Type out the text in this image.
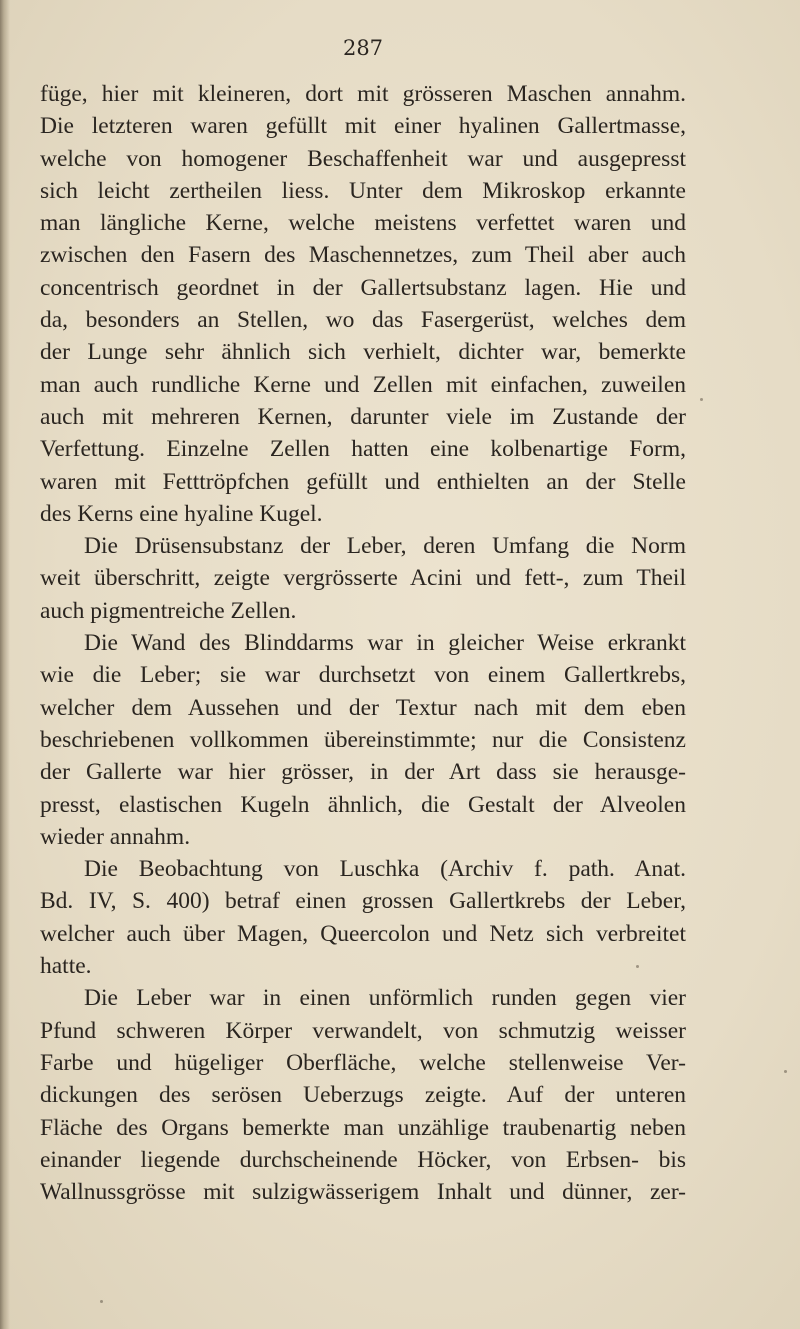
287
füge, hier mit kleineren, dort mit grösseren Maschen annahm.
Die letzteren waren gefüllt mit einer hyalinen Gallertmasse,
welche von homogener Beschaffenheit war und ausgepresst
sich leicht zertheilen liess. Unter dem Mikroskop erkannte
man längliche Kerne, welche meistens verfettet waren und
zwischen den Fasern des Maschennetzes, zum Theil aber auch
concentrisch geordnet in der Gallertsubstanz lagen. Hie und
da, besonders an Stellen, wo das Fasergerüst, welches dem
der Lunge sehr ähnlich sich verhielt, dichter war, bemerkte
man auch rundliche Kerne und Zellen mit einfachen, zuweilen
auch mit mehreren Kernen, darunter viele im Zustande der
Verfettung. Einzelne Zellen hatten eine kolbenartige Form,
waren mit Fetttröpfchen gefüllt und enthielten an der Stelle
des Kerns eine hyaline Kugel.
Die Drüsensubstanz der Leber, deren Umfang die Norm
weit überschritt, zeigte vergrösserte Acini und fett-, zum Theil
auch pigmentreiche Zellen.
Die Wand des Blinddarms war in gleicher Weise erkrankt
wie die Leber; sie war durchsetzt von einem Gallertkrebs,
welcher dem Aussehen und der Textur nach mit dem eben
beschriebenen vollkommen übereinstimmte; nur die Consistenz
der Gallerte war hier grösser, in der Art dass sie herausge-
presst, elastischen Kugeln ähnlich, die Gestalt der Alveolen
wieder annahm.
Die Beobachtung von Luschka (Archiv f. path. Anat.
Bd. IV, S. 400) betraf einen grossen Gallertkrebs der Leber,
welcher auch über Magen, Queercolon und Netz sich verbreitet
hatte.
Die Leber war in einen unförmlich runden gegen vier
Pfund schweren Körper verwandelt, von schmutzig weisser
Farbe und hügeliger Oberfläche, welche stellenweise Ver-
dickungen des serösen Ueberzugs zeigte. Auf der unteren
Fläche des Organs bemerkte man unzählige traubenartig neben
einander liegende durchscheinende Höcker, von Erbsen- bis
Wallnussgrösse mit sulzigwässerigem Inhalt und dünner, zer-
